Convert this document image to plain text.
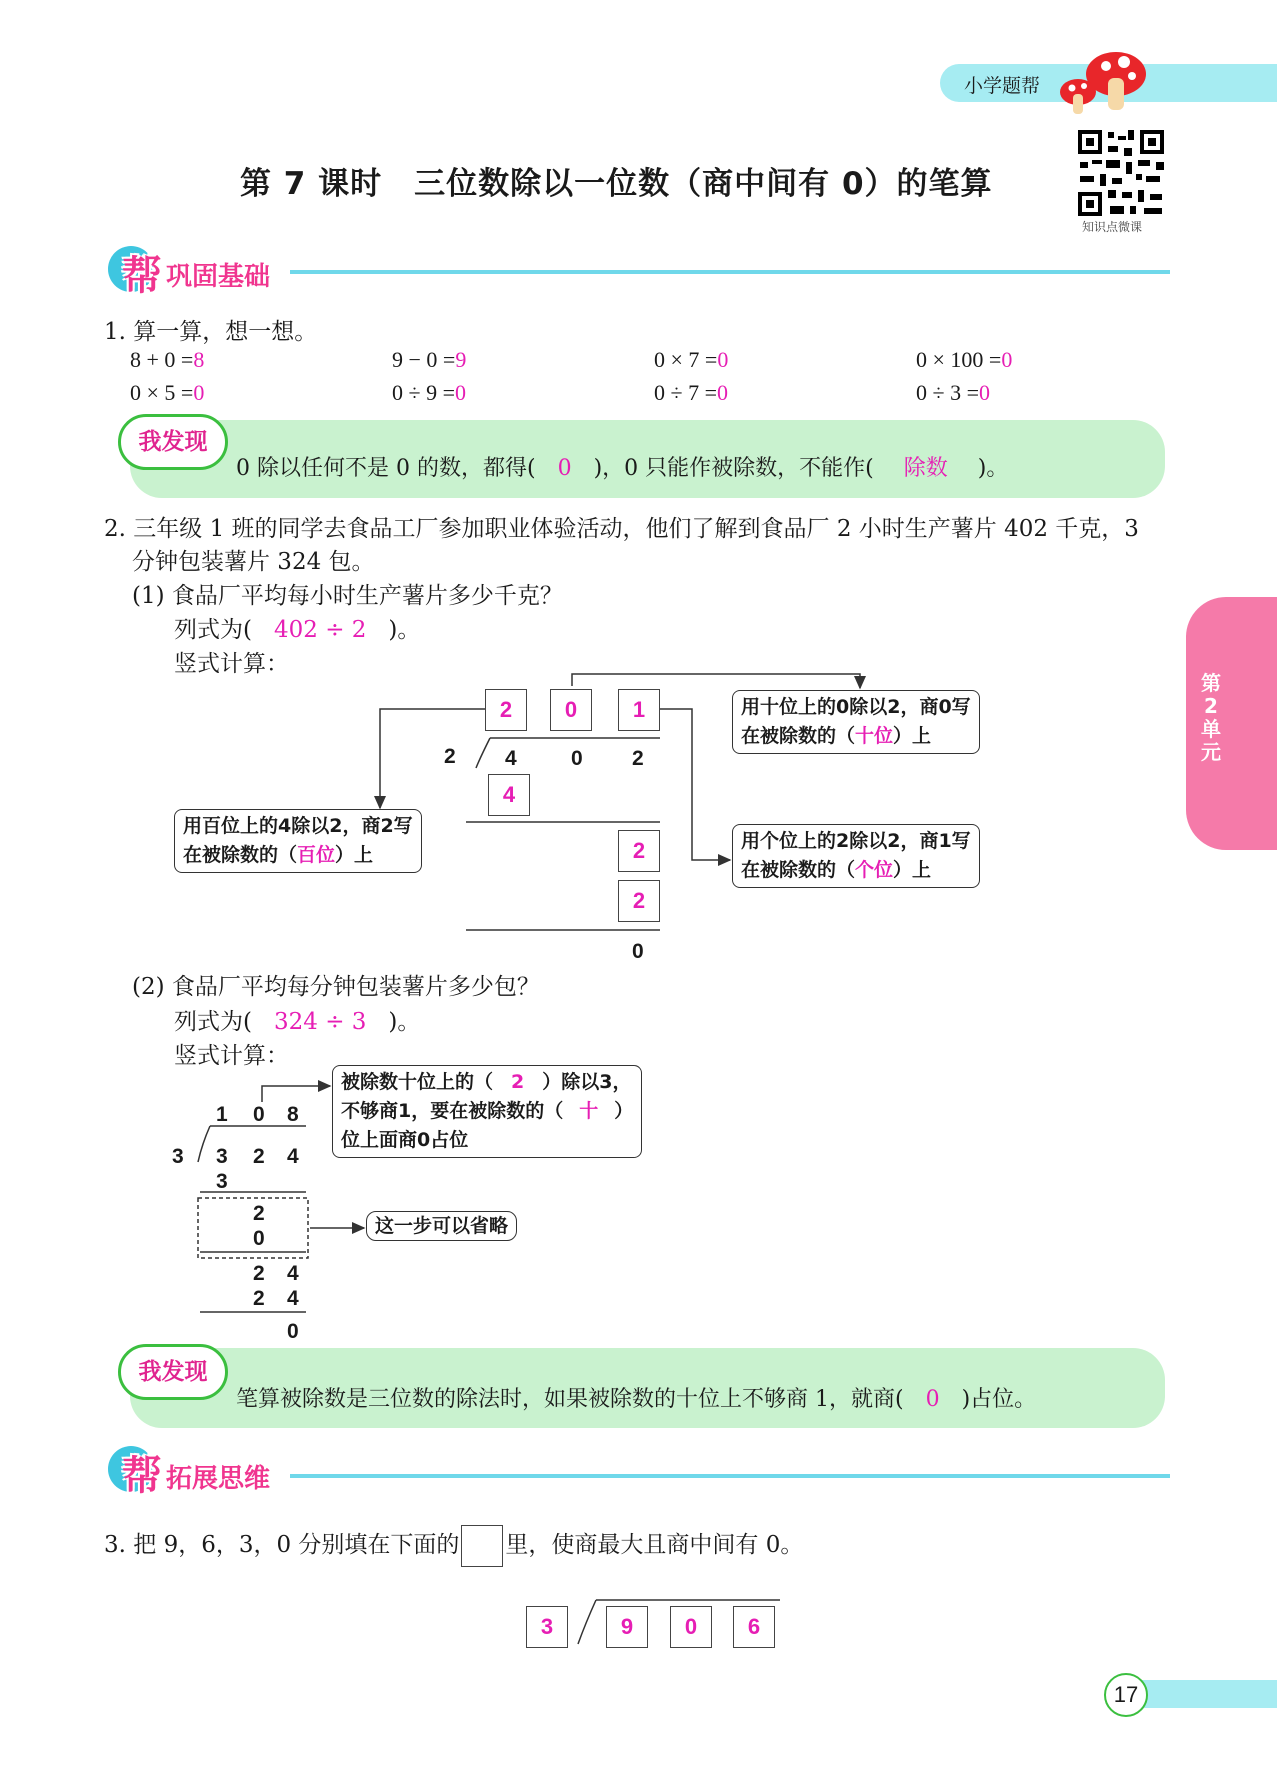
小学题帮
第 7 课时　三位数除以一位数（商中间有 0）的笔算
知识点微课
帮 巩固基础
1. 算一算，想一想。
8 + 0 =8	9 − 0 =9	0 × 7 =0	0 × 100 =0
0 × 5 =0	0 ÷ 9 =0	0 ÷ 7 =0	0 ÷ 3 =0
我发现
0 除以任何不是 0 的数，都得( 0 )，0 只能作被除数，不能作( 除数 )。
2. 三年级 1 班的同学去食品工厂参加职业体验活动，他们了解到食品厂 2 小时生产薯片 402 千克，3
分钟包装薯片 324 包。
(1) 食品厂平均每小时生产薯片多少千克？
列式为( 402 ÷ 2 )。
竖式计算：
2	0	1
2 4	0 2
4
2
2
0
用十位上的0除以2，商0写
在被除数的（十位）上
用百位上的4除以2，商2写
在被除数的（百位）上
用个位上的2除以2，商1写
在被除数的（个位）上
(2) 食品厂平均每分钟包装薯片多少包？
列式为( 324 ÷ 3 )。
竖式计算：
1 0 8
3 3 2 4
3
2
0
2 4
2 4
0
被除数十位上的（ 2 ）除以3，
不够商1，要在被除数的（ 十 ）
位上面商0占位
这一步可以省略
我发现
笔算被除数是三位数的除法时，如果被除数的十位上不够商 1，就商( 0 )占位。
帮 拓展思维
3. 把 9，6，3，0 分别填在下面的 里，使商最大且商中间有 0。
3	9	0	6
第2单元
17
